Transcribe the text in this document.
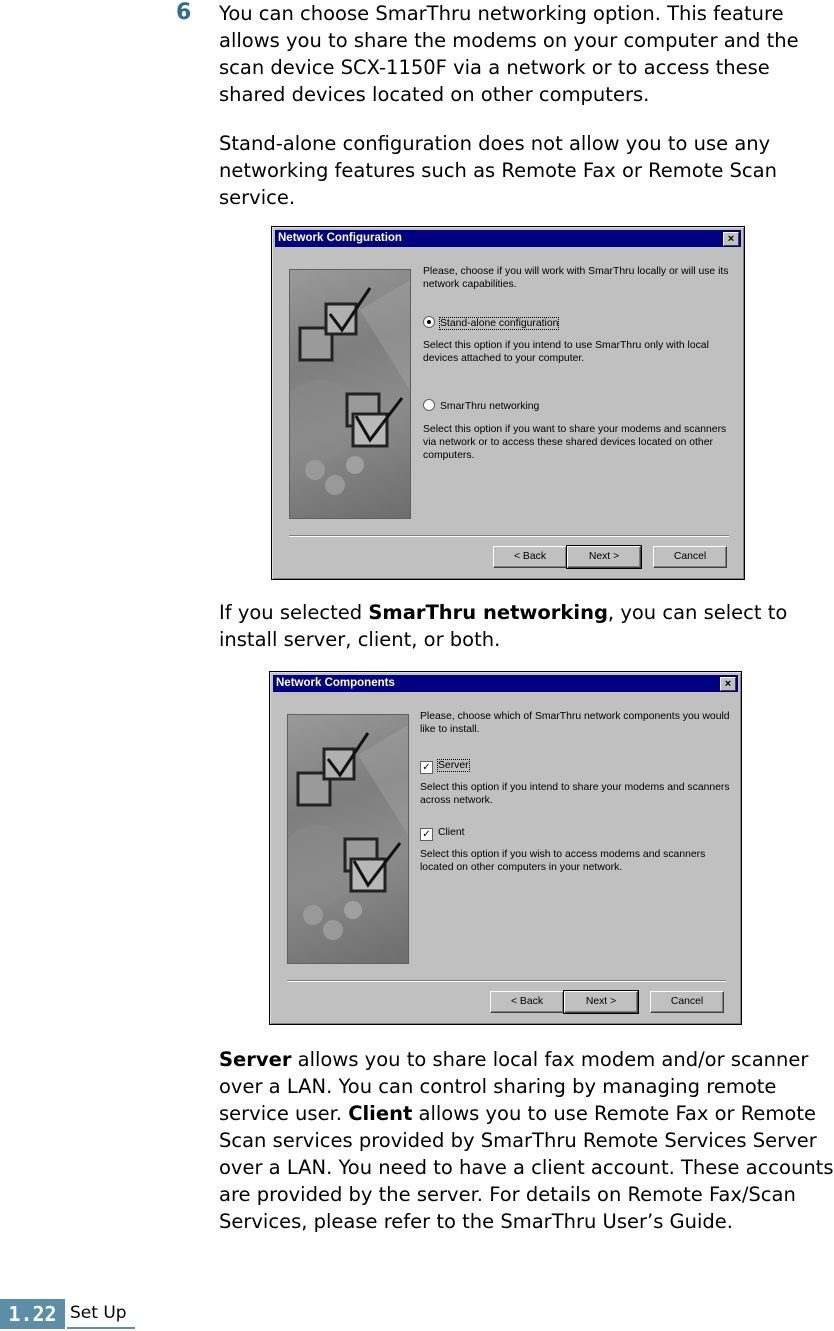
6 You can choose SmarThru networking option. This feature allows you to share the modems on your computer and the scan device SCX-1150F via a network or to access these shared devices located on other computers.

Stand-alone configuration does not allow you to use any networking features such as Remote Fax or Remote Scan service.

Network Configuration	×
Please, choose if you will work with SmarThru locally or will use its network capabilities.
Stand-alone configuration
Select this option if you intend to use SmarThru only with local devices attached to your computer.
SmarThru networking
Select this option if you want to share your modems and scanners via network or to access these shared devices located on other computers.
< Back	Next >	Cancel

If you selected SmarThru networking, you can select to install server, client, or both.

Network Components	×
Please, choose which of SmarThru network components you would like to install.
✓ Server
Select this option if you intend to share your modems and scanners across network.
✓ Client
Select this option if you wish to access modems and scanners located on other computers in your network.
< Back	Next >	Cancel

Server allows you to share local fax modem and/or scanner over a LAN. You can control sharing by managing remote service user. Client allows you to use Remote Fax or Remote Scan services provided by SmarThru Remote Services Server over a LAN. You need to have a client account. These accounts are provided by the server. For details on Remote Fax/Scan Services, please refer to the SmarThru User’s Guide.

1.22 Set Up
